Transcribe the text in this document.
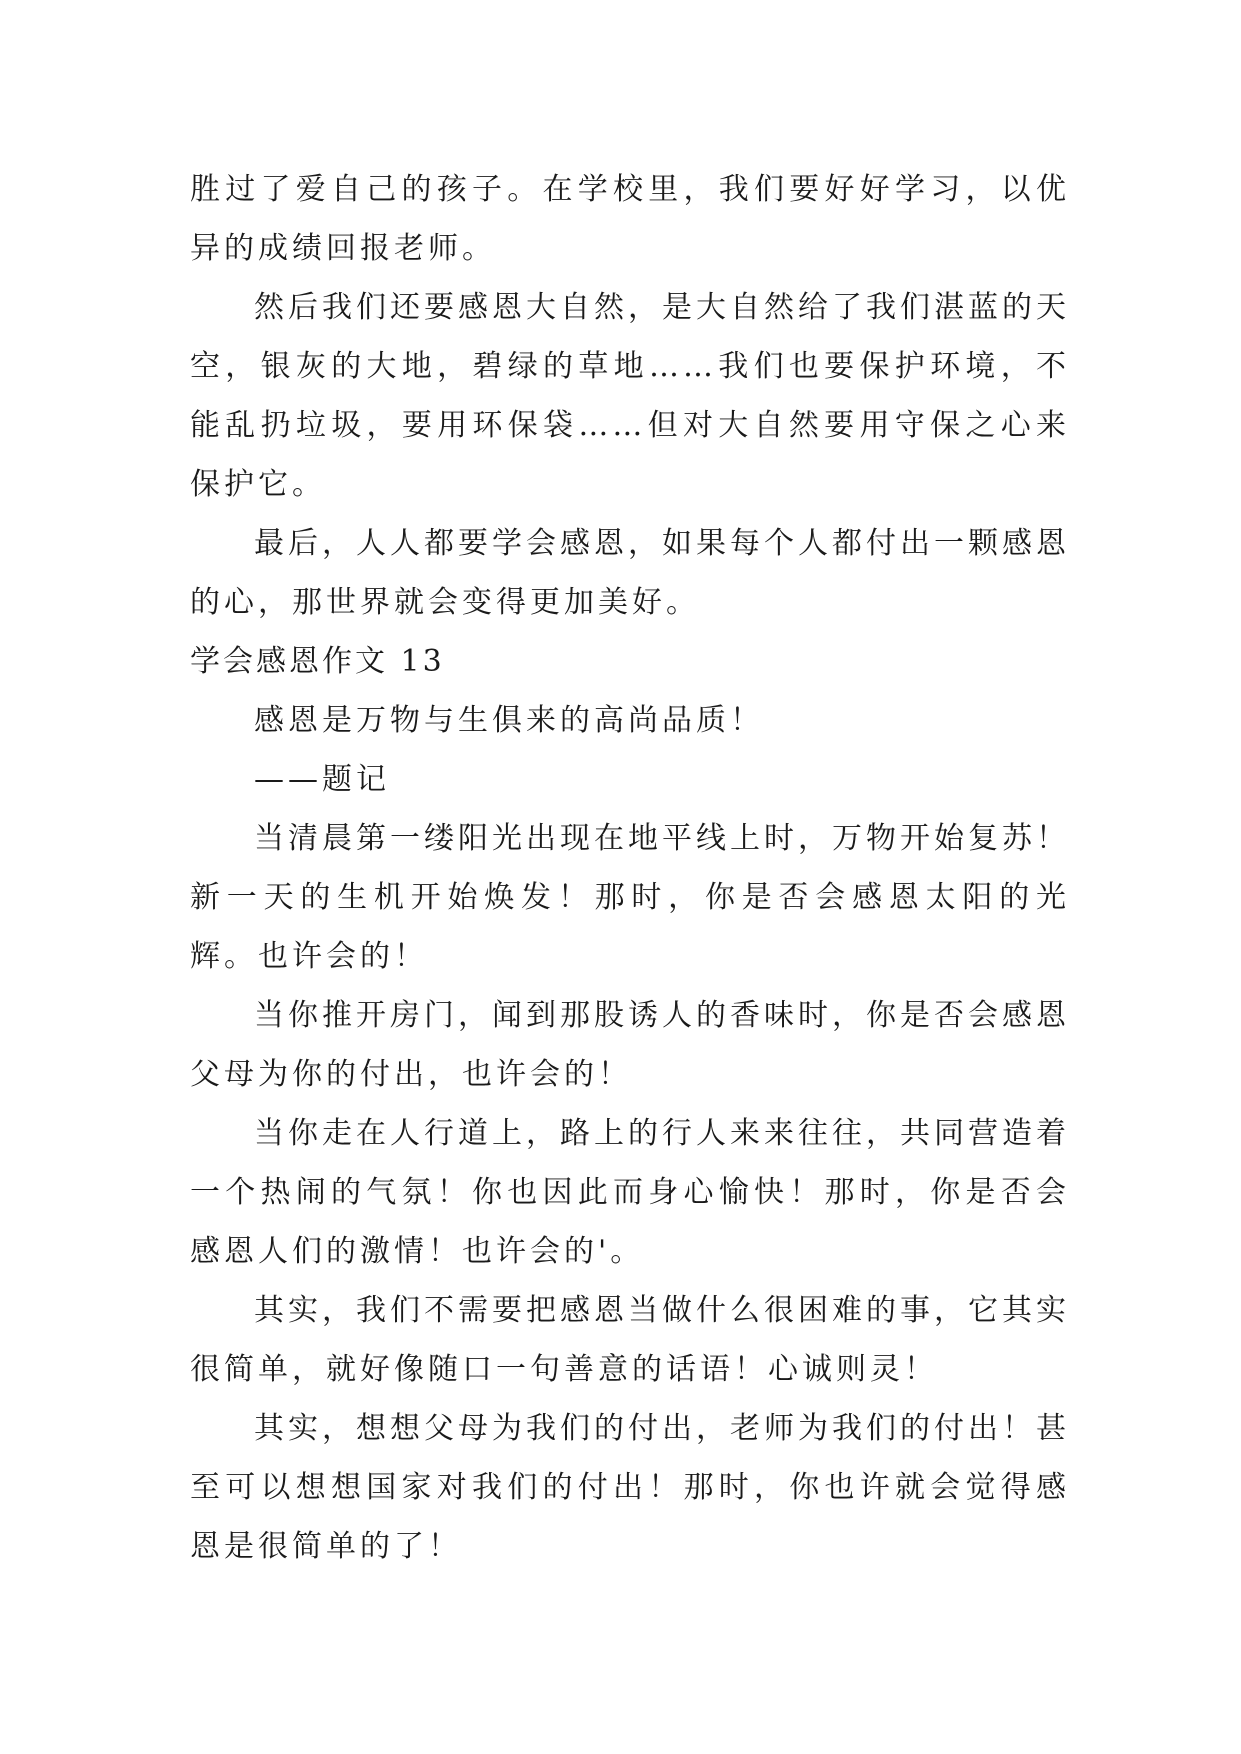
胜过了爱自己的孩子。在学校里，我们要好好学习，以优异的成绩回报老师。

然后我们还要感恩大自然，是大自然给了我们湛蓝的天空，银灰的大地，碧绿的草地……我们也要保护环境，不能乱扔垃圾，要用环保袋……但对大自然要用守保之心来保护它。

最后，人人都要学会感恩，如果每个人都付出一颗感恩的心，那世界就会变得更加美好。

学会感恩作文 13

感恩是万物与生俱来的高尚品质！

——题记

当清晨第一缕阳光出现在地平线上时，万物开始复苏！新一天的生机开始焕发！那时，你是否会感恩太阳的光辉。也许会的！

当你推开房门，闻到那股诱人的香味时，你是否会感恩父母为你的付出，也许会的！

当你走在人行道上，路上的行人来来往往，共同营造着一个热闹的气氛！你也因此而身心愉快！那时，你是否会感恩人们的激情！也许会的'。

其实，我们不需要把感恩当做什么很困难的事，它其实很简单，就好像随口一句善意的话语！心诚则灵！

其实，想想父母为我们的付出，老师为我们的付出！甚至可以想想国家对我们的付出！那时，你也许就会觉得感恩是很简单的了！
